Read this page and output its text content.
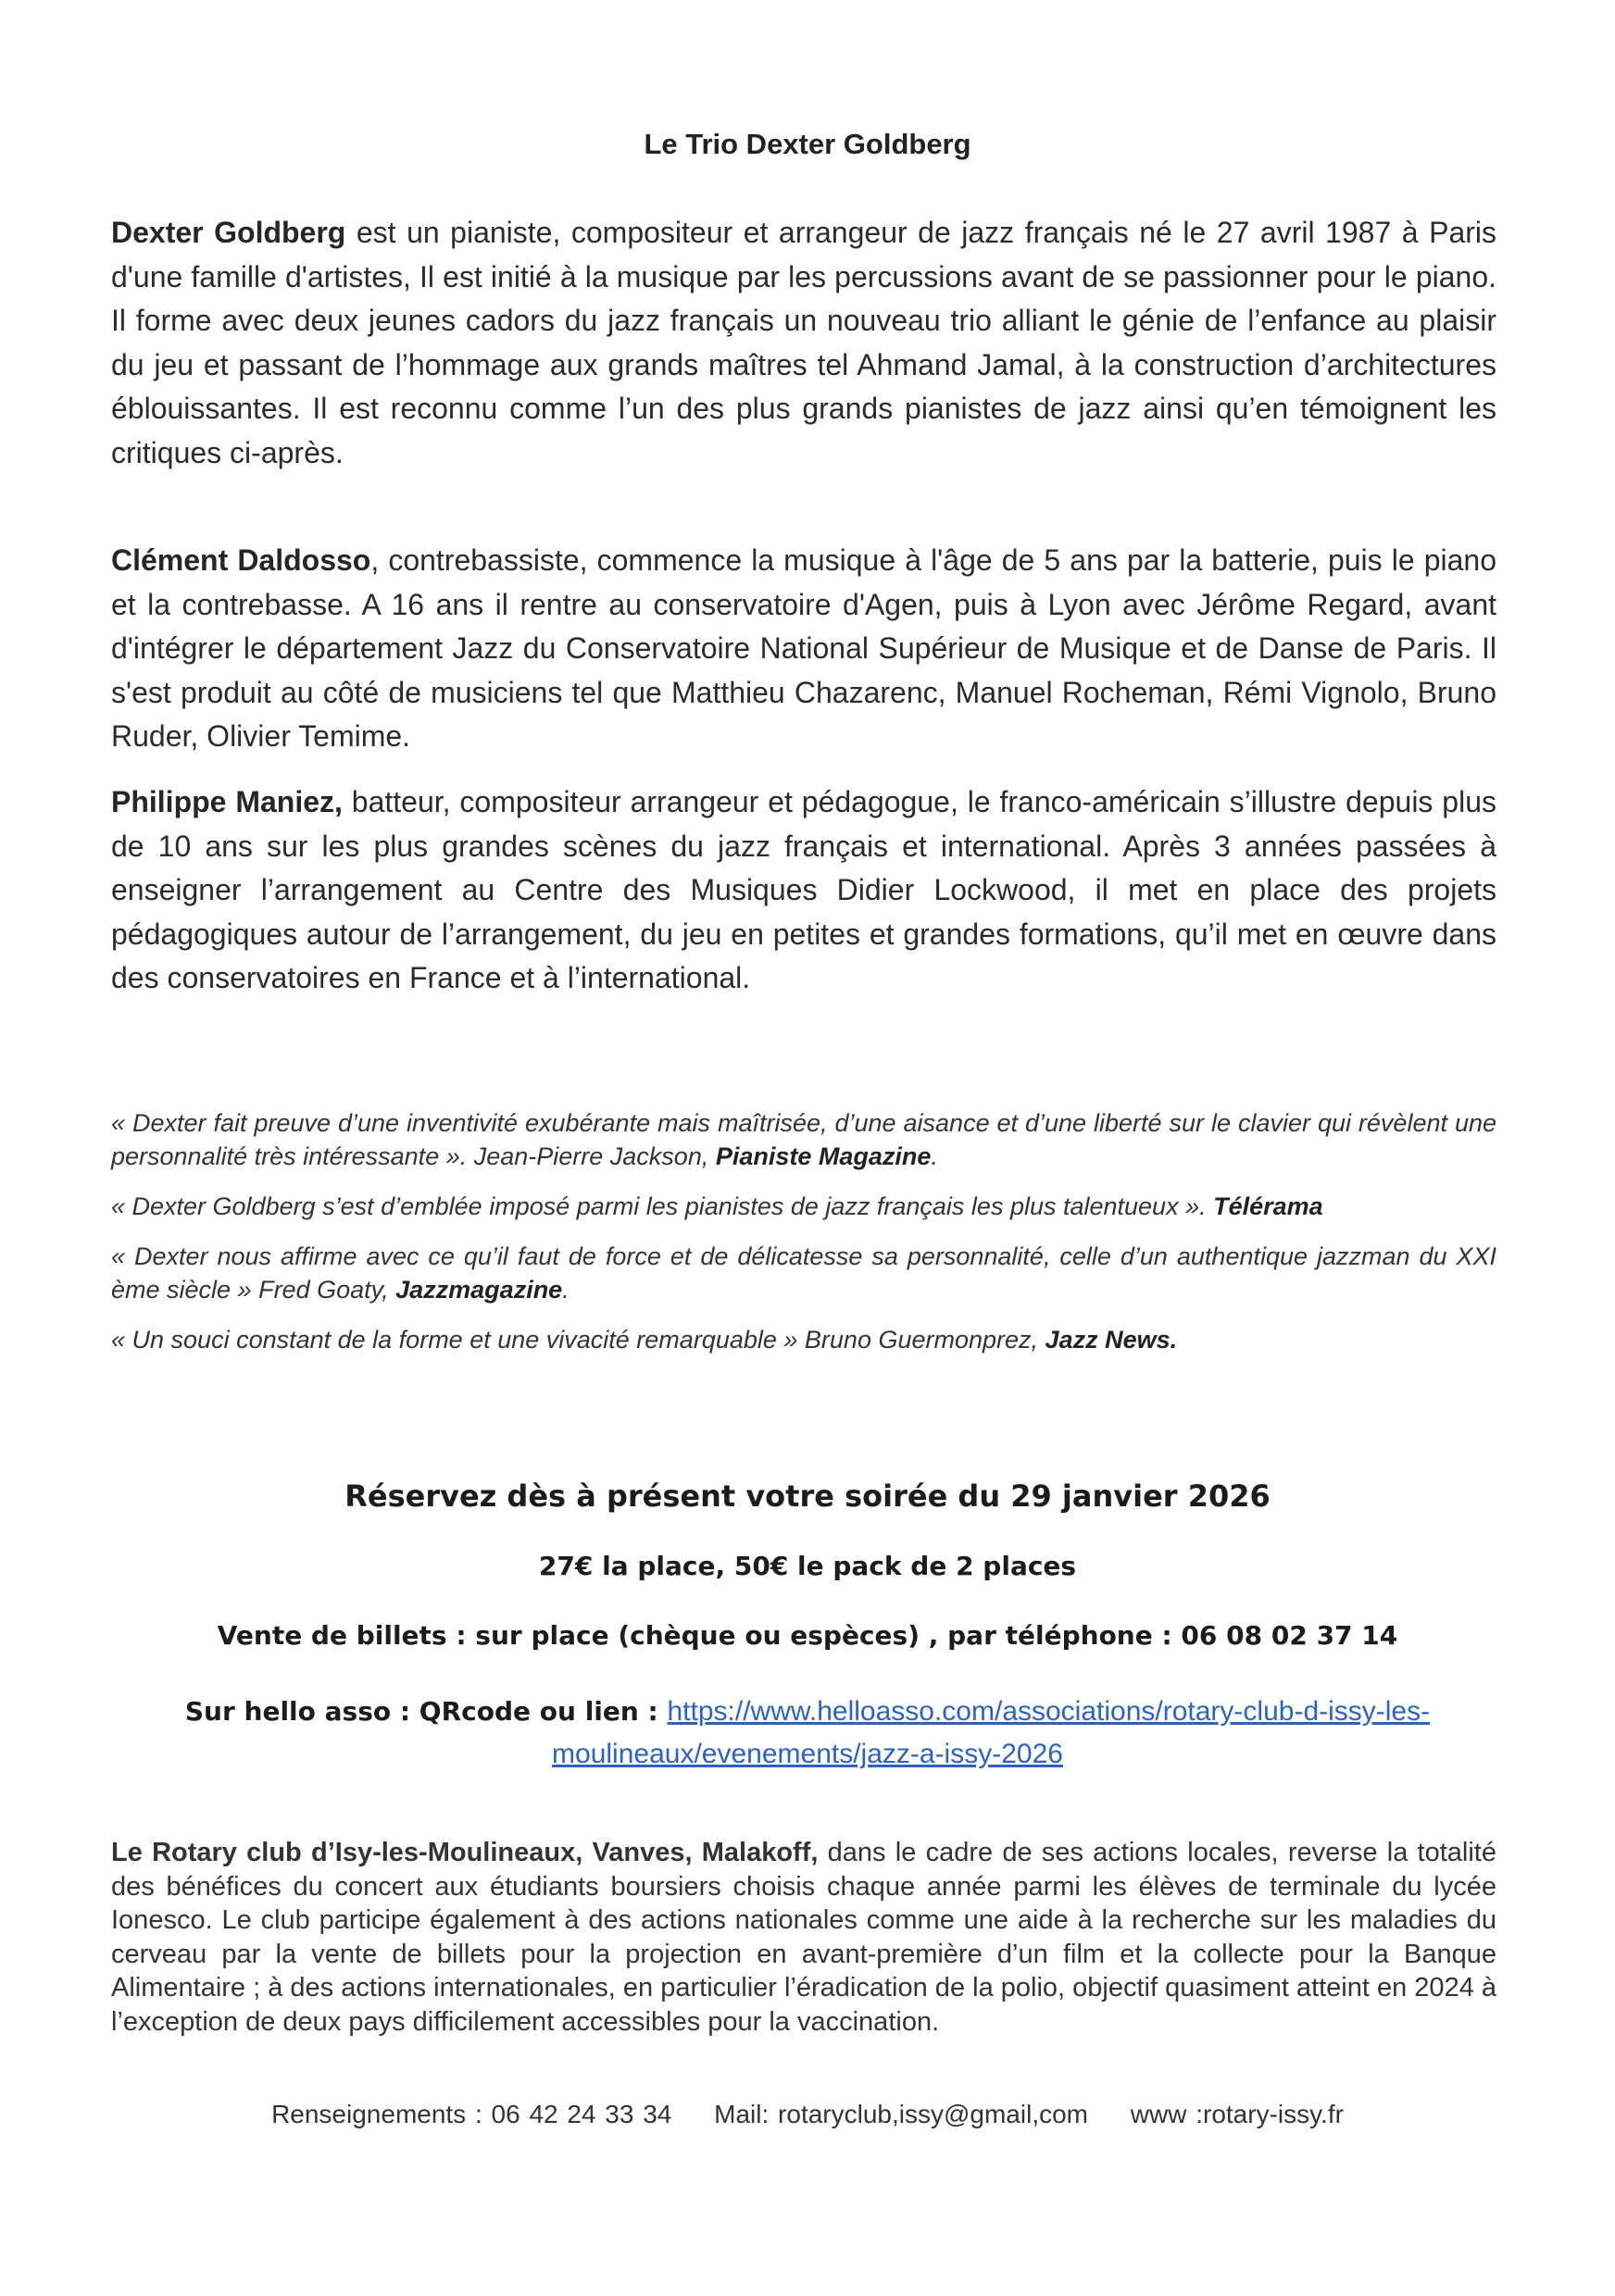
Le Trio Dexter Goldberg
Dexter Goldberg est un pianiste, compositeur et arrangeur de jazz français né le 27 avril 1987 à Paris d'une famille d'artistes, Il est initié à la musique par les percussions avant de se passionner pour le piano. Il forme avec deux jeunes cadors du jazz français un nouveau trio alliant le génie de l’enfance au plaisir du jeu et passant de l’hommage aux grands maîtres tel Ahmand Jamal, à la construction d’architectures éblouissantes. Il est reconnu comme l’un des plus grands pianistes de jazz ainsi qu’en témoignent les critiques ci-après.
Clément Daldosso, contrebassiste, commence la musique à l'âge de 5 ans par la batterie, puis le piano et la contrebasse. A 16 ans il rentre au conservatoire d'Agen, puis à Lyon avec Jérôme Regard, avant d'intégrer le département Jazz du Conservatoire National Supérieur de Musique et de Danse de Paris. Il s'est produit au côté de musiciens tel que Matthieu Chazarenc, Manuel Rocheman, Rémi Vignolo, Bruno Ruder, Olivier Temime.
Philippe Maniez, batteur, compositeur arrangeur et pédagogue, le franco-américain s’illustre depuis plus de 10 ans sur les plus grandes scènes du jazz français et international. Après 3 années passées à enseigner l’arrangement au Centre des Musiques Didier Lockwood, il met en place des projets pédagogiques autour de l’arrangement, du jeu en petites et grandes formations, qu’il met en œuvre dans des conservatoires en France et à l’international.

« Dexter fait preuve d’une inventivité exubérante mais maîtrisée, d’une aisance et d’une liberté sur le clavier qui révèlent une personnalité très intéressante ». Jean-Pierre Jackson, Pianiste Magazine.

« Dexter Goldberg s’est d’emblée imposé parmi les pianistes de jazz français les plus talentueux ». Télérama

« Dexter nous affirme avec ce qu’il faut de force et de délicatesse sa personnalité, celle d’un authentique jazzman du XXI ème siècle » Fred Goaty, Jazzmagazine.

« Un souci constant de la forme et une vivacité remarquable » Bruno Guermonprez, Jazz News.

Réservez dès à présent votre soirée du 29 janvier 2026
27€ la place, 50€ le pack de 2 places
Vente de billets : sur place (chèque ou espèces) , par téléphone : 06 08 02 37 14
Sur hello asso : QRcode ou lien : https://www.helloasso.com/associations/rotary-club-d-issy-les-
moulineaux/evenements/jazz-a-issy-2026
Le Rotary club d’Isy-les-Moulineaux, Vanves, Malakoff, dans le cadre de ses actions locales, reverse la totalité des bénéfices du concert aux étudiants boursiers choisis chaque année parmi les élèves de terminale du lycée Ionesco. Le club participe également à des actions nationales comme une aide à la recherche sur les maladies du cerveau par la vente de billets pour la projection en avant-première d’un film et la collecte pour la Banque Alimentaire ; à des actions internationales, en particulier l’éradication de la polio, objectif quasiment atteint en 2024 à l’exception de deux pays difficilement accessibles pour la vaccination.
Renseignements : 06 42 24 33 34 Mail: rotaryclub,issy@gmail,com www :rotary-issy.fr
